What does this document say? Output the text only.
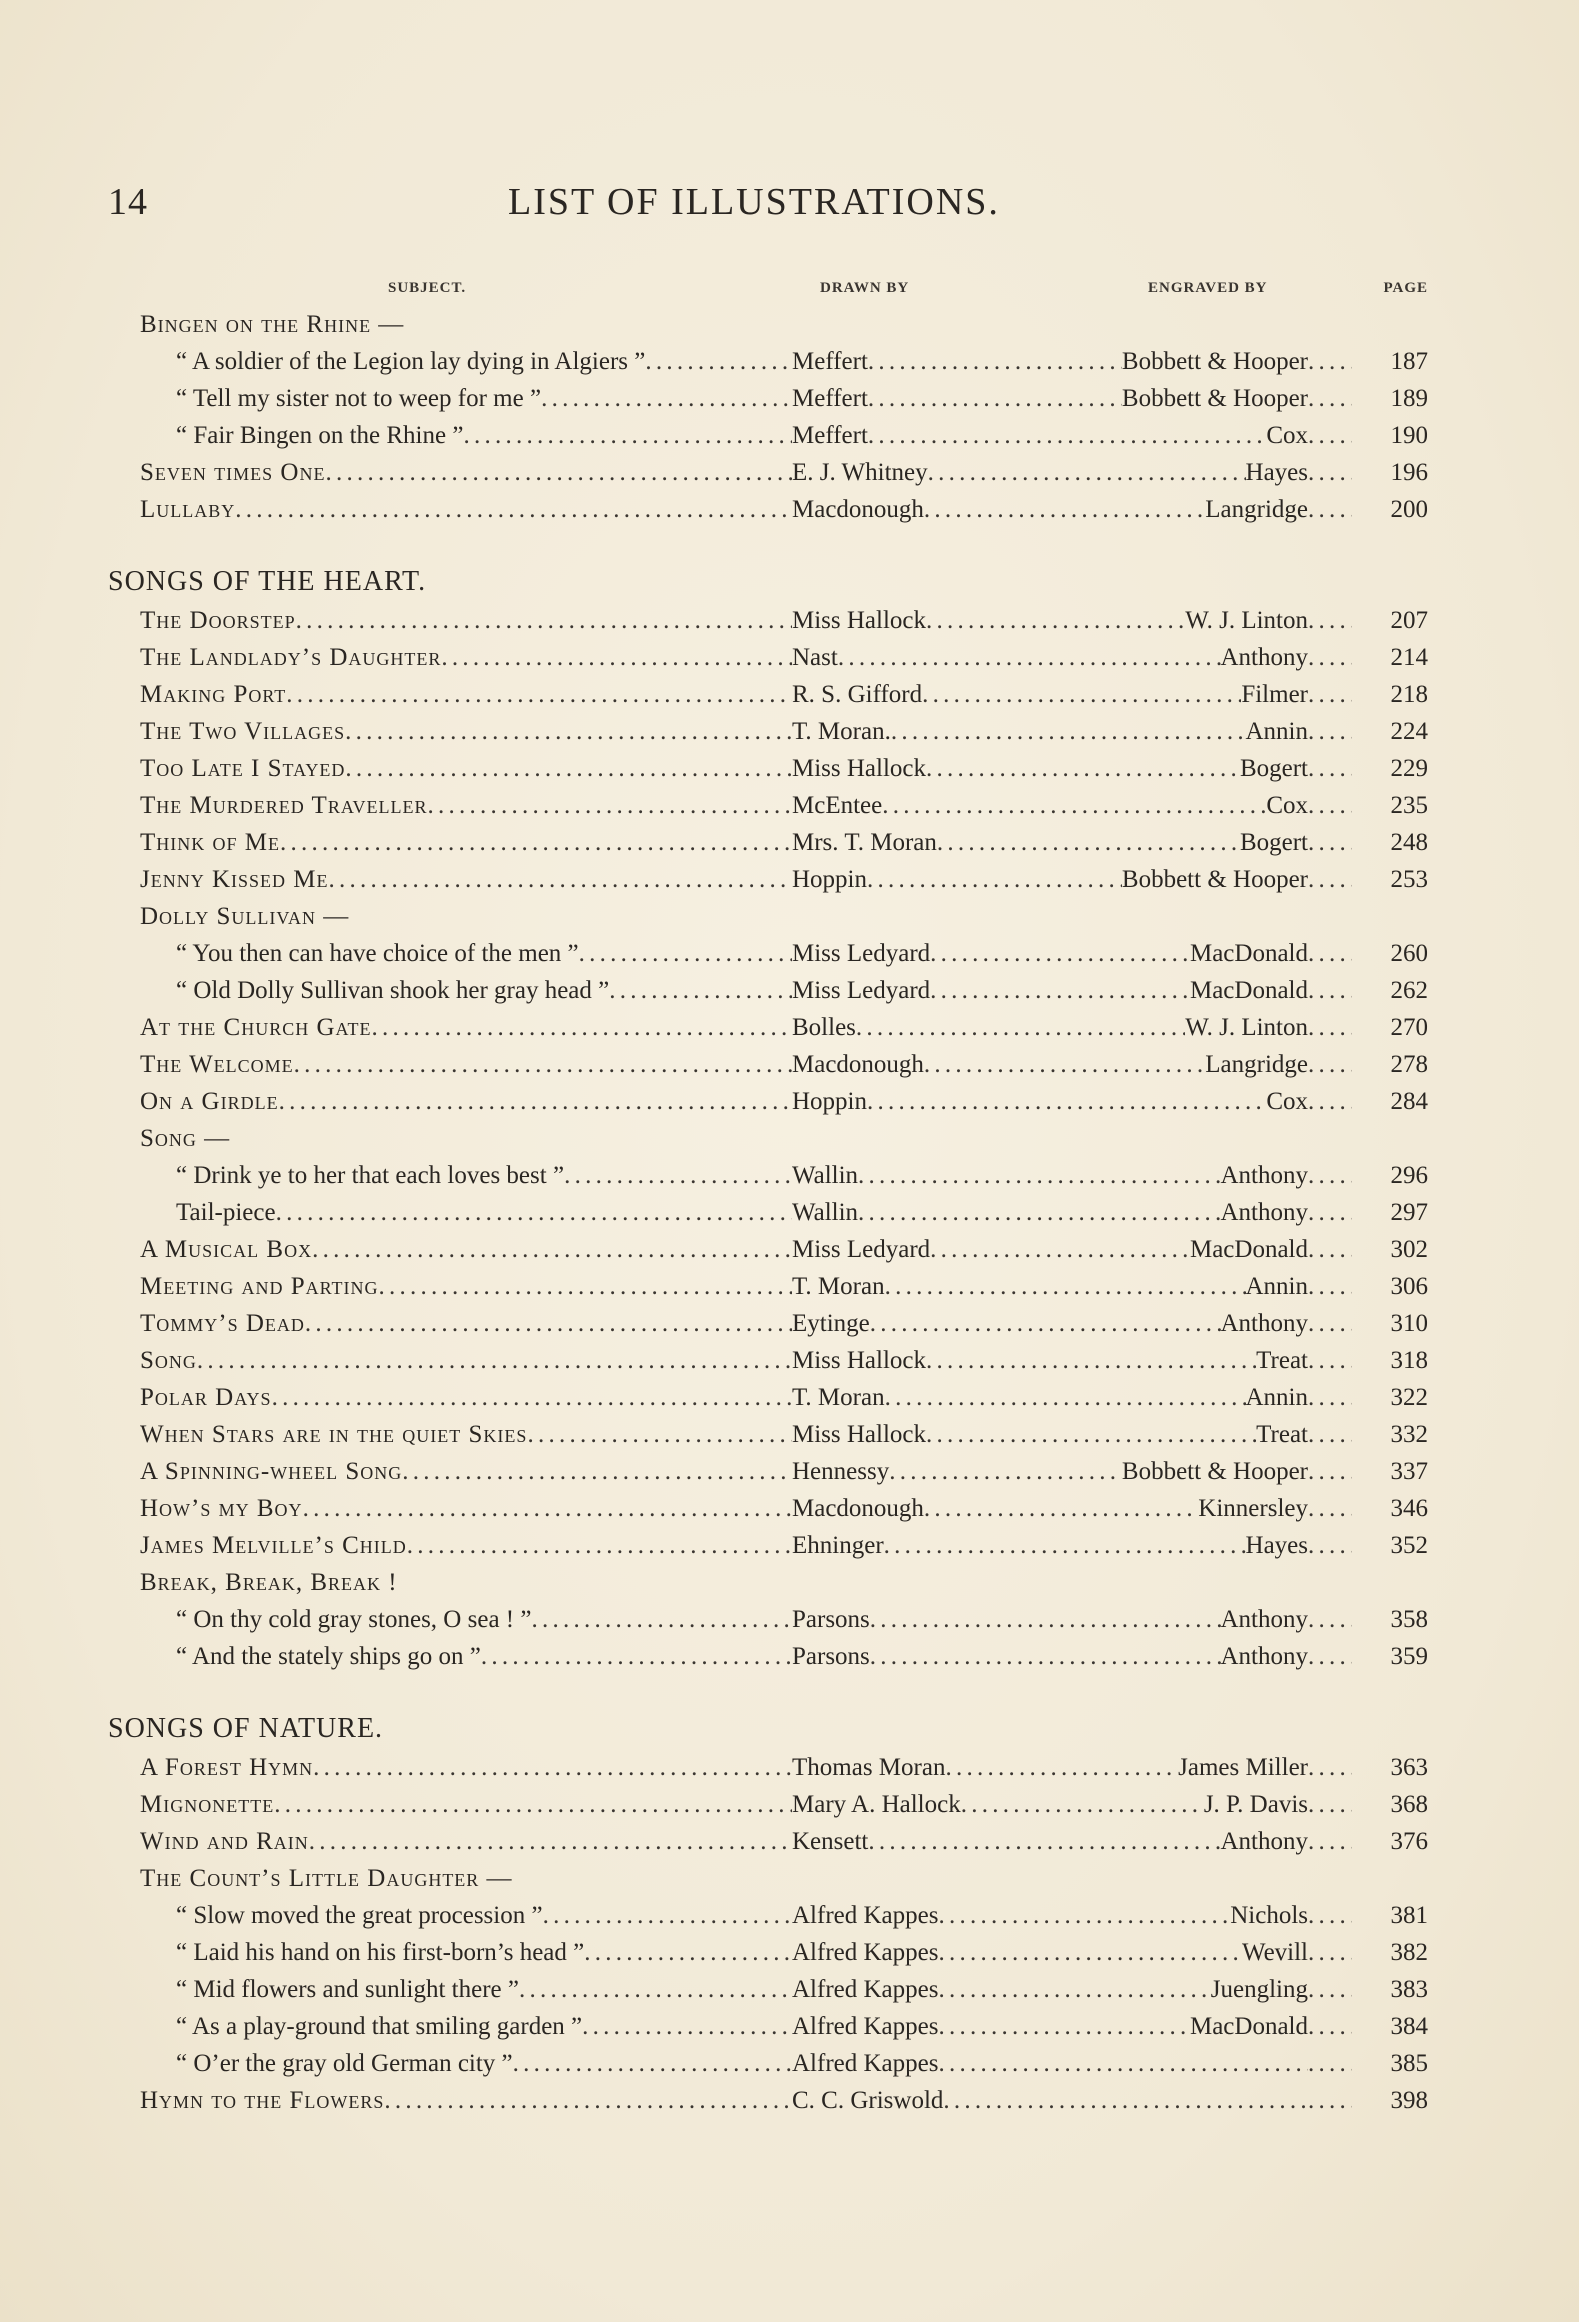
14	LIST OF ILLUSTRATIONS.
SUBJECT.	DRAWN BY	ENGRAVED BY	PAGE
Bingen on the Rhine —
“ A soldier of the Legion lay dying in Algiers ” . . .	Meffert . . .	Bobbett & Hooper . . .	187
“ Tell my sister not to weep for me ” . . .	Meffert . . .	Bobbett & Hooper . . .	189
“ Fair Bingen on the Rhine ” . . .	Meffert . . .	Cox . . .	190
Seven times One . . .	E. J. Whitney . . .	Hayes . . .	196
Lullaby . . .	Macdonough . . .	Langridge . . .	200
SONGS OF THE HEART.
The Doorstep . . .	Miss Hallock . . .	W. J. Linton . . .	207
The Landlady’s Daughter . . .	Nast . . .	Anthony . . .	214
Making Port . . .	R. S. Gifford . . .	Filmer . . .	218
The Two Villages . . .	T. Moran. . . .	Annin . . .	224
Too Late I Stayed . . .	Miss Hallock . . .	Bogert . . .	229
The Murdered Traveller . . .	McEntee . . .	Cox . . .	235
Think of Me . . .	Mrs. T. Moran . . .	Bogert . . .	248
Jenny Kissed Me . . .	Hoppin . . .	Bobbett & Hooper . . .	253
Dolly Sullivan —
“ You then can have choice of the men ” . . .	Miss Ledyard . . .	MacDonald . . .	260
“ Old Dolly Sullivan shook her gray head ” . . .	Miss Ledyard . . .	MacDonald . . .	262
At the Church Gate . . .	Bolles . . .	W. J. Linton . . .	270
The Welcome . . .	Macdonough . . .	Langridge . . .	278
On a Girdle . . .	Hoppin . . .	Cox . . .	284
Song —
“ Drink ye to her that each loves best ” . . .	Wallin . . .	Anthony . . .	296
Tail-piece . . .	Wallin . . .	Anthony . . .	297
A Musical Box . . .	Miss Ledyard . . .	MacDonald . . .	302
Meeting and Parting . . .	T. Moran . . .	Annin . . .	306
Tommy’s Dead . . .	Eytinge . . .	Anthony . . .	310
Song . . .	Miss Hallock . . .	Treat . . .	318
Polar Days . . .	T. Moran . . .	Annin . . .	322
When Stars are in the quiet Skies . . .	Miss Hallock . . .	Treat . . .	332
A Spinning-wheel Song . . .	Hennessy . . .	Bobbett & Hooper . . .	337
How’s my Boy . . .	Macdonough . . .	Kinnersley . . .	346
James Melville’s Child . . .	Ehninger . . .	Hayes . . .	352
Break, Break, Break !
“ On thy cold gray stones, O sea ! ” . . .	Parsons . . .	Anthony . . .	358
“ And the stately ships go on ” . . .	Parsons . . .	Anthony . . .	359
SONGS OF NATURE.
A Forest Hymn . . .	Thomas Moran . . .	James Miller . . .	363
Mignonette . . .	Mary A. Hallock . . .	J. P. Davis . . .	368
Wind and Rain . . .	Kensett . . .	Anthony . . .	376
The Count’s Little Daughter —
“ Slow moved the great procession ” . . .	Alfred Kappes . . .	Nichols . . .	381
“ Laid his hand on his first-born’s head ” . . .	Alfred Kappes . . .	Wevill . . .	382
“ Mid flowers and sunlight there ” . . .	Alfred Kappes . . .	Juengling . . .	383
“ As a play-ground that smiling garden ” . . .	Alfred Kappes . . .	MacDonald . . .	384
“ O’er the gray old German city ” . . .	Alfred Kappes . . . . . .	385
Hymn to the Flowers . . .	C. C. Griswold . . . . . .	398
